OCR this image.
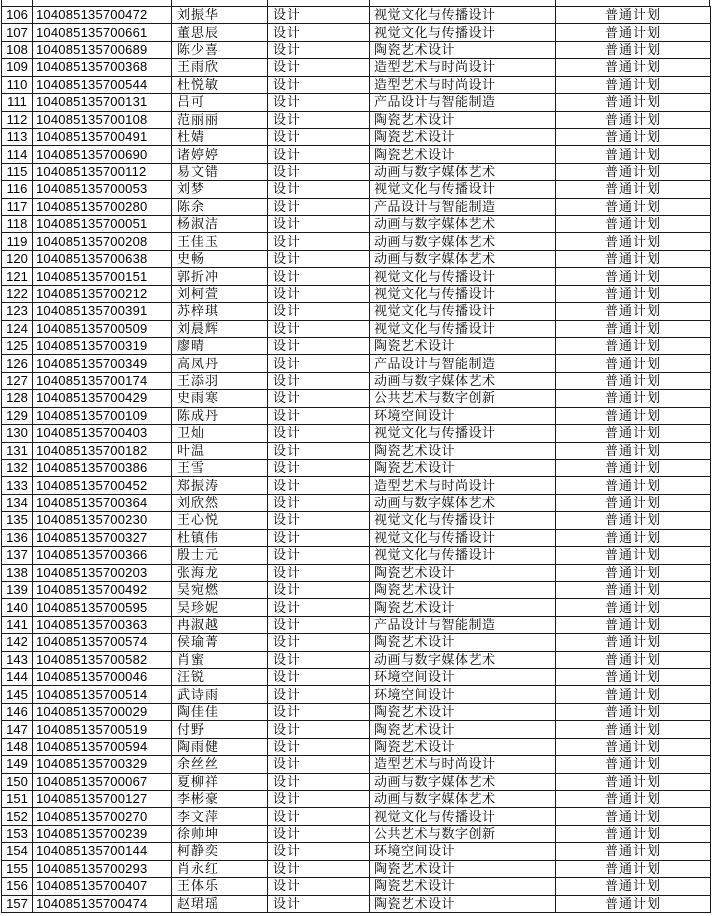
106	104085135700472	刘振华	设计	视觉文化与传播设计	普通计划
107	104085135700661	董思辰	设计	视觉文化与传播设计	普通计划
108	104085135700689	陈少喜	设计	陶瓷艺术设计	普通计划
109	104085135700368	王雨欣	设计	造型艺术与时尚设计	普通计划
110	104085135700544	杜悦敏	设计	造型艺术与时尚设计	普通计划
111	104085135700131	吕可	设计	产品设计与智能制造	普通计划
112	104085135700108	范丽丽	设计	陶瓷艺术设计	普通计划
113	104085135700491	杜婧	设计	陶瓷艺术设计	普通计划
114	104085135700690	诸婷婷	设计	陶瓷艺术设计	普通计划
115	104085135700112	易文错	设计	动画与数字媒体艺术	普通计划
116	104085135700053	刘梦	设计	视觉文化与传播设计	普通计划
117	104085135700280	陈余	设计	产品设计与智能制造	普通计划
118	104085135700051	杨淑洁	设计	动画与数字媒体艺术	普通计划
119	104085135700208	王佳玉	设计	动画与数字媒体艺术	普通计划
120	104085135700638	史畅	设计	动画与数字媒体艺术	普通计划
121	104085135700151	郭折冲	设计	视觉文化与传播设计	普通计划
122	104085135700212	刘柯萱	设计	视觉文化与传播设计	普通计划
123	104085135700391	苏梓琪	设计	视觉文化与传播设计	普通计划
124	104085135700509	刘晨辉	设计	视觉文化与传播设计	普通计划
125	104085135700319	廖晴	设计	陶瓷艺术设计	普通计划
126	104085135700349	高凤丹	设计	产品设计与智能制造	普通计划
127	104085135700174	王添羽	设计	动画与数字媒体艺术	普通计划
128	104085135700429	史雨寒	设计	公共艺术与数字创新	普通计划
129	104085135700109	陈成丹	设计	环境空间设计	普通计划
130	104085135700403	卫灿	设计	视觉文化与传播设计	普通计划
131	104085135700182	叶温	设计	陶瓷艺术设计	普通计划
132	104085135700386	王雪	设计	陶瓷艺术设计	普通计划
133	104085135700452	郑振涛	设计	造型艺术与时尚设计	普通计划
134	104085135700364	刘欣然	设计	动画与数字媒体艺术	普通计划
135	104085135700230	王心悦	设计	视觉文化与传播设计	普通计划
136	104085135700327	杜镇伟	设计	视觉文化与传播设计	普通计划
137	104085135700366	殷士元	设计	视觉文化与传播设计	普通计划
138	104085135700203	张海龙	设计	陶瓷艺术设计	普通计划
139	104085135700492	吴宛燃	设计	陶瓷艺术设计	普通计划
140	104085135700595	吴珍妮	设计	陶瓷艺术设计	普通计划
141	104085135700363	冉淑越	设计	产品设计与智能制造	普通计划
142	104085135700574	侯瑜菁	设计	陶瓷艺术设计	普通计划
143	104085135700582	肖蜜	设计	动画与数字媒体艺术	普通计划
144	104085135700046	汪锐	设计	环境空间设计	普通计划
145	104085135700514	武诗雨	设计	环境空间设计	普通计划
146	104085135700029	陶佳佳	设计	陶瓷艺术设计	普通计划
147	104085135700519	付野	设计	陶瓷艺术设计	普通计划
148	104085135700594	陶雨健	设计	陶瓷艺术设计	普通计划
149	104085135700329	余丝丝	设计	造型艺术与时尚设计	普通计划
150	104085135700067	夏柳祥	设计	动画与数字媒体艺术	普通计划
151	104085135700127	李彬豪	设计	动画与数字媒体艺术	普通计划
152	104085135700270	李文萍	设计	视觉文化与传播设计	普通计划
153	104085135700239	徐帅坤	设计	公共艺术与数字创新	普通计划
154	104085135700144	柯静奕	设计	环境空间设计	普通计划
155	104085135700293	肖永红	设计	陶瓷艺术设计	普通计划
156	104085135700407	王体乐	设计	陶瓷艺术设计	普通计划
157	104085135700474	赵珺瑶	设计	陶瓷艺术设计	普通计划
